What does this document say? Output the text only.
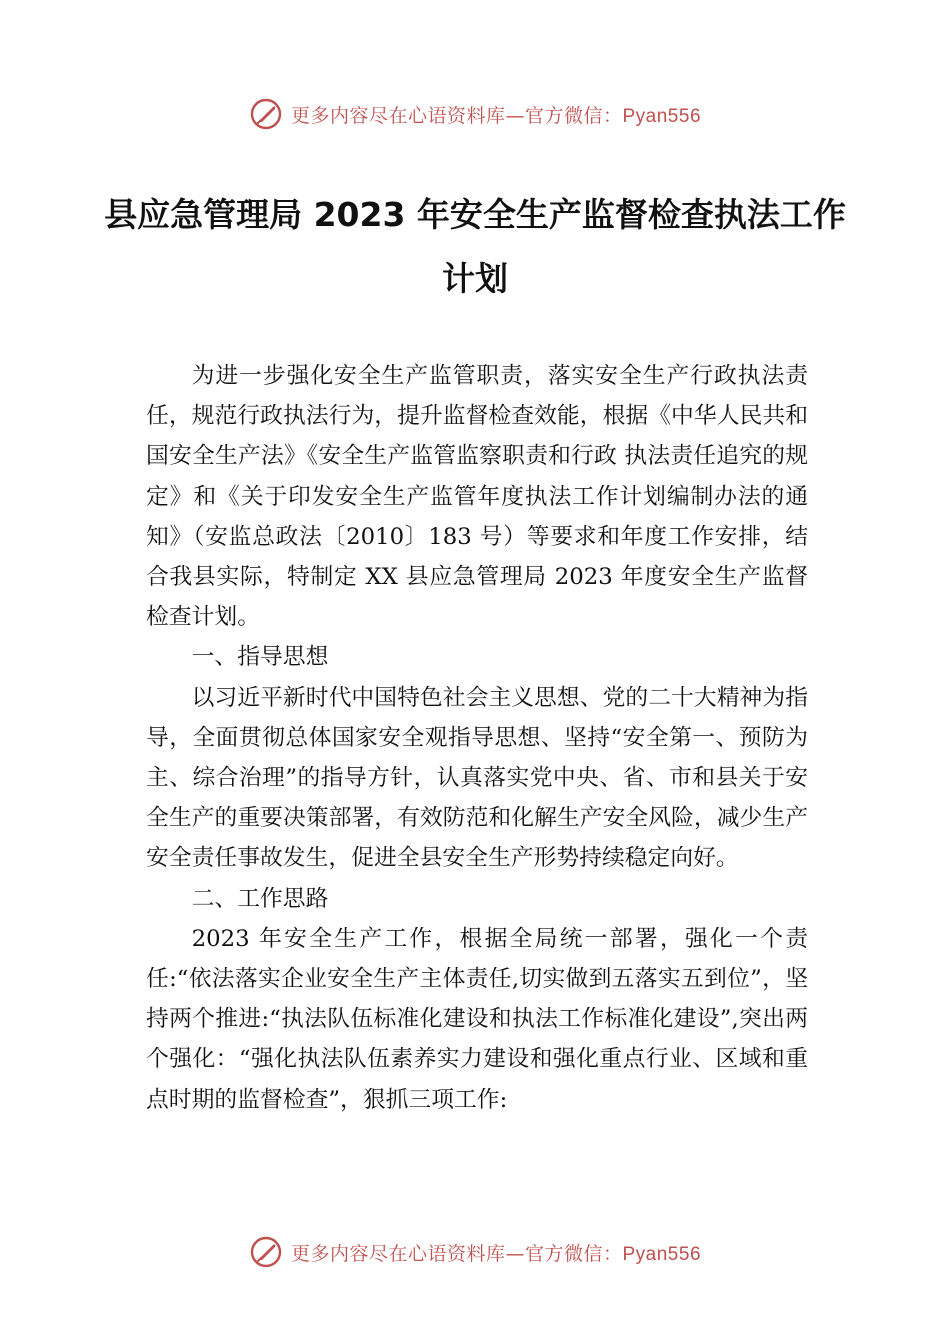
更多内容尽在心语资料库—官方微信：Pyan556
县应急管理局 2023 年安全生产监督检查执法工作计划

为进一步强化安全生产监管职责，落实安全生产行政执法责任，规范行政执法行为，提升监督检查效能，根据《中华人民共和国安全生产法》《安全生产监管监察职责和行政 执法责任追究的规定》和《关于印发安全生产监管年度执法工作计划编制办法的通知》（安监总政法〔2010〕183 号）等要求和年度工作安排，结合我县实际，特制定 XX 县应急管理局 2023 年度安全生产监督检查计划。

一、指导思想

以习近平新时代中国特色社会主义思想、党的二十大精神为指导，全面贯彻总体国家安全观指导思想、坚持“安全第一、预防为主、综合治理”的指导方针，认真落实党中央、省、市和县关于安全生产的重要决策部署，有效防范和化解生产安全风险，减少生产安全责任事故发生，促进全县安全生产形势持续稳定向好。

二、工作思路

2023 年安全生产工作，根据全局统一部署，强化一个责任:“依法落实企业安全生产主体责任,切实做到五落实五到位”，坚持两个推进:“执法队伍标准化建设和执法工作标准化建设”,突出两个强化：“强化执法队伍素养实力建设和强化重点行业、区域和重点时期的监督检查”，狠抓三项工作:

更多内容尽在心语资料库—官方微信：Pyan556
